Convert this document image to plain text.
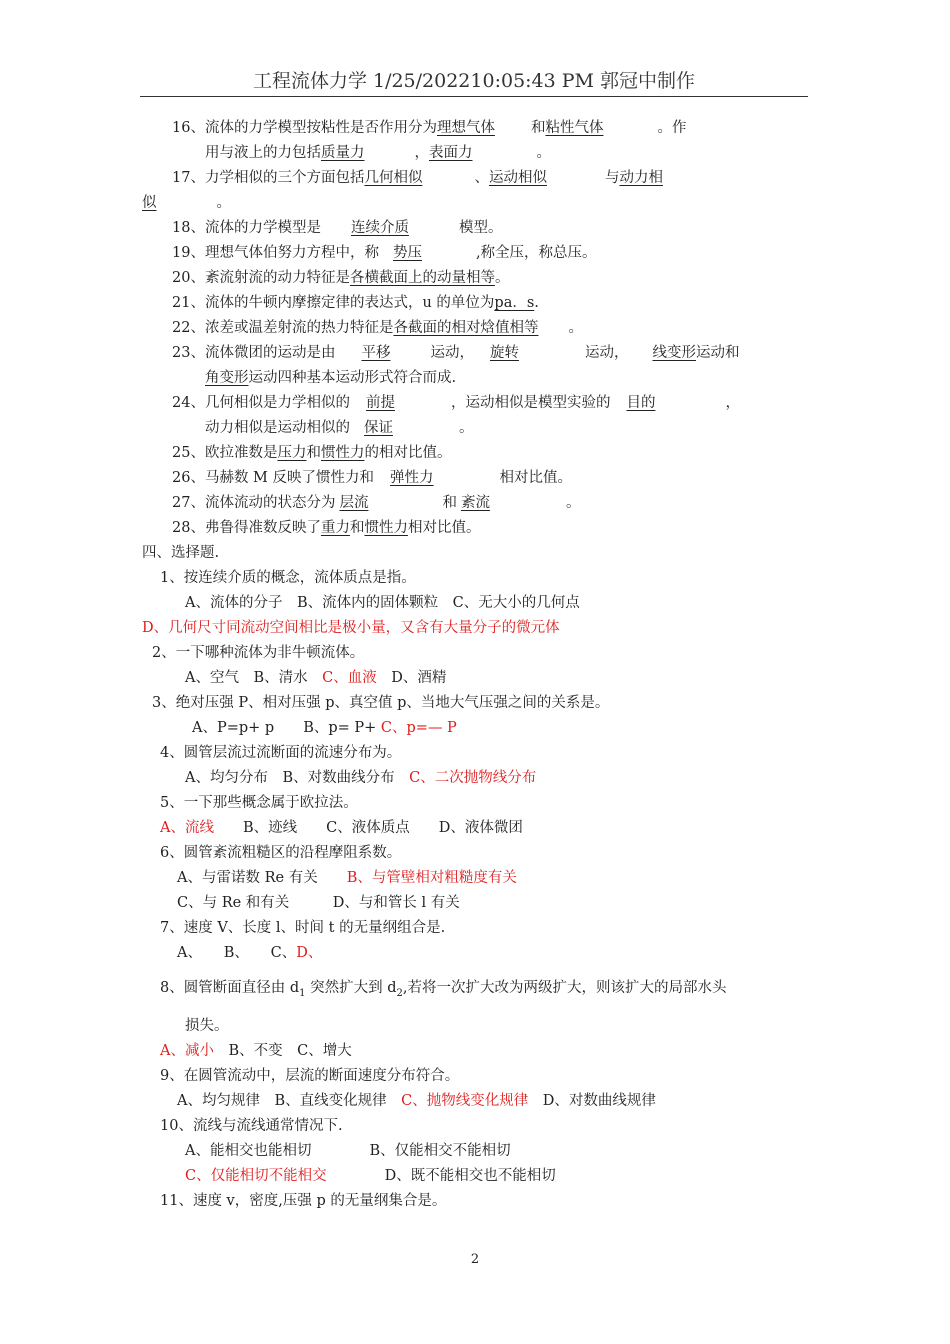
工程流体力学 1/25/202210:05:43 PM 郭冠中制作
16、流体的力学模型按粘性是否作用分为理想气体 和粘性气体	。作
用与液上的力包括质量力	，表面力	。
17、力学相似的三个方面包括几何相似	、运动相似	与动力相
似	。
18、流体的力学模型是 连续介质	模型。
19、理想气体伯努力方程中，称 势压	,称全压，称总压。
20、紊流射流的动力特征是各横截面上的动量相等。
21、流体的牛顿内摩擦定律的表达式，u 的单位为pa．s.
22、浓差或温差射流的热力特征是各截面的相对焓值相等 。
23、流体微团的运动是由 平移	运动， 旋转	运动， 线变形运动和
角变形运动四种基本运动形式符合而成.
24、几何相似是力学相似的 前提	，运动相似是模型实验的 目的	，
动力相似是运动相似的 保证	。
25、欧拉准数是压力和惯性力的相对比值。
26、马赫数 M 反映了惯性力和 弹性力	相对比值。
27、流体流动的状态分为 层流	和 紊流	。
28、弗鲁得准数反映了重力和惯性力相对比值。
四、选择题.
1、按连续介质的概念，流体质点是指。
A、流体的分子　B、流体内的固体颗粒　C、无大小的几何点
D、几何尺寸同流动空间相比是极小量，又含有大量分子的微元体
2、一下哪种流体为非牛顿流体。
A、空气　B、清水　C、血液　D、酒精
3、绝对压强 P、相对压强 p、真空值 p、当地大气压强之间的关系是。
A、P=p+ p　　B、p= P+ C、p=— P
4、圆管层流过流断面的流速分布为。
A、均匀分布　B、对数曲线分布　C、二次抛物线分布
5、一下那些概念属于欧拉法。
A、流线　　B、迹线　　C、液体质点　　D、液体微团
6、圆管紊流粗糙区的沿程摩阻系数。
A、与雷诺数 Re 有关　　B、与管壁相对粗糙度有关
C、与 Re 和有关　　　D、与和管长 l 有关
7、速度 V、长度 l、时间 t 的无量纲组合是.
A、　　B、　　C、D、
8、圆管断面直径由 $d_1$ 突然扩大到 $d_2$,若将一次扩大改为两级扩大，则该扩大的局部水头
损失。
A、减小　B、不变　C、增大
9、在圆管流动中，层流的断面速度分布符合。
A、均匀规律　B、直线变化规律　C、抛物线变化规律　D、对数曲线规律
10、流线与流线通常情况下.
A、能相交也能相切　　　　B、仅能相交不能相切
C、仅能相切不能相交　　　　D、既不能相交也不能相切
11、速度 v，密度,压强 p 的无量纲集合是。
2
